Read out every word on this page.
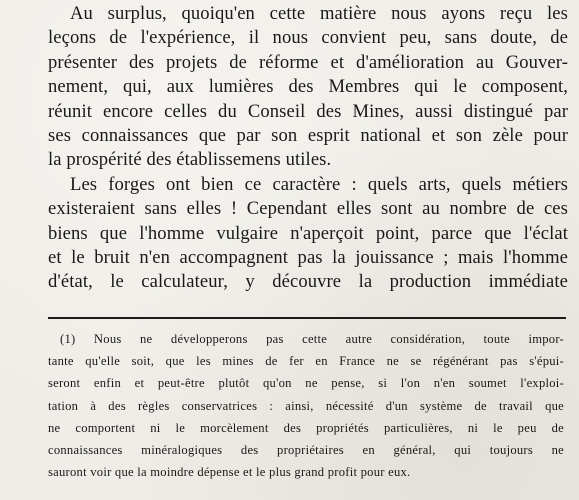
Au surplus, quoiqu'en cette matière nous ayons reçu les
leçons de l'expérience, il nous convient peu, sans doute, de
présenter des projets de réforme et d'amélioration au Gouver-
nement, qui, aux lumières des Membres qui le composent,
réunit encore celles du Conseil des Mines, aussi distingué par
ses connaissances que par son esprit national et son zèle pour
la prospérité des établissemens utiles.
Les forges ont bien ce caractère : quels arts, quels métiers
existeraient sans elles ! Cependant elles sont au nombre de ces
biens que l'homme vulgaire n'aperçoit point, parce que l'éclat
et le bruit n'en accompagnent pas la jouissance ; mais l'homme
d'état, le calculateur, y découvre la production immédiate
(1) Nous ne développerons pas cette autre considération, toute impor-
tante qu'elle soit, que les mines de fer en France ne se régénérant pas s'épui-
seront enfin et peut-être plutôt qu'on ne pense, si l'on n'en soumet l'exploi-
tation à des règles conservatrices : ainsi, nécessité d'un système de travail que
ne comportent ni le morcèlement des propriétés particulières, ni le peu de
connaissances minéralogiques des propriétaires en général, qui toujours ne
sauront voir que la moindre dépense et le plus grand profit pour eux.
